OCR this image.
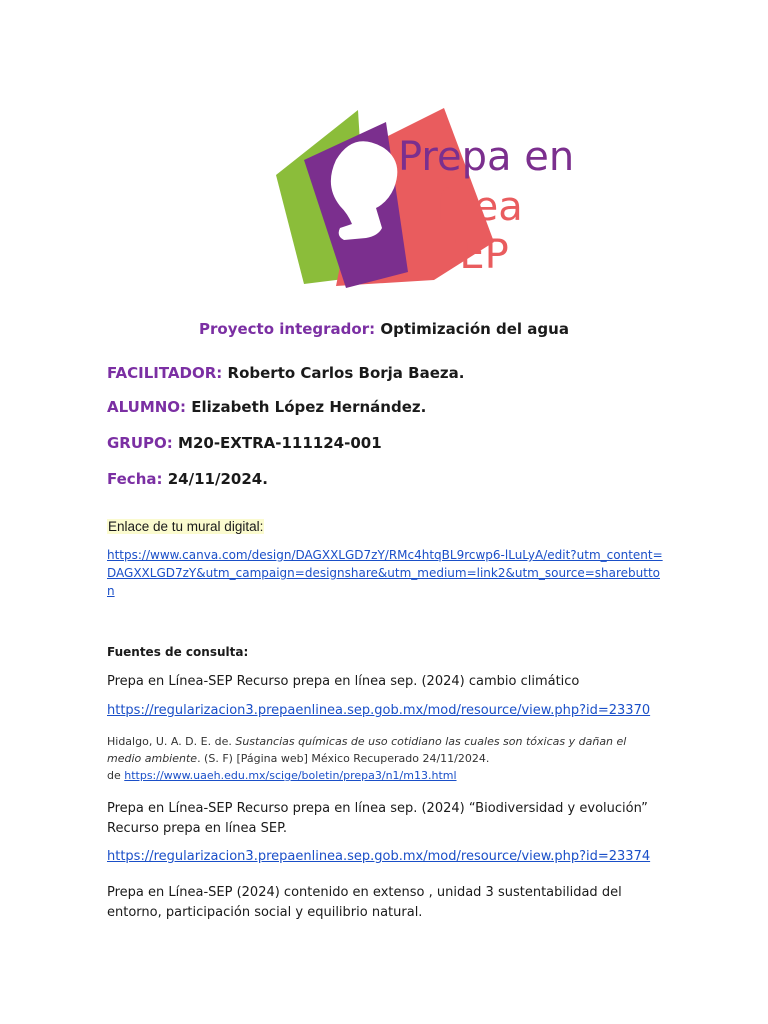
Prepa en
línea
SEP
Proyecto integrador: Optimización del agua
FACILITADOR: Roberto Carlos Borja Baeza.
ALUMNO: Elizabeth López Hernández.
GRUPO: M20-EXTRA-111124-001
Fecha: 24/11/2024.
Enlace de tu mural digital:
https://www.canva.com/design/DAGXXLGD7zY/RMc4htqBL9rcwp6-lLuLyA/edit?utm_content=DAGXXLGD7zY&utm_campaign=designshare&utm_medium=link2&utm_source=sharebutton
Fuentes de consulta:
Prepa en Línea-SEP Recurso prepa en línea sep. (2024) cambio climático
https://regularizacion3.prepaenlinea.sep.gob.mx/mod/resource/view.php?id=23370
Hidalgo, U. A. D. E. de. Sustancias químicas de uso cotidiano las cuales son tóxicas y dañan el medio ambiente. (S. F) [Página web] México Recuperado 24/11/2024.
de https://www.uaeh.edu.mx/scige/boletin/prepa3/n1/m13.html
Prepa en Línea-SEP Recurso prepa en línea sep. (2024) “Biodiversidad y evolución” Recurso prepa en línea SEP.
https://regularizacion3.prepaenlinea.sep.gob.mx/mod/resource/view.php?id=23374
Prepa en Línea-SEP (2024) contenido en extenso , unidad 3 sustentabilidad del entorno, participación social y equilibrio natural.
